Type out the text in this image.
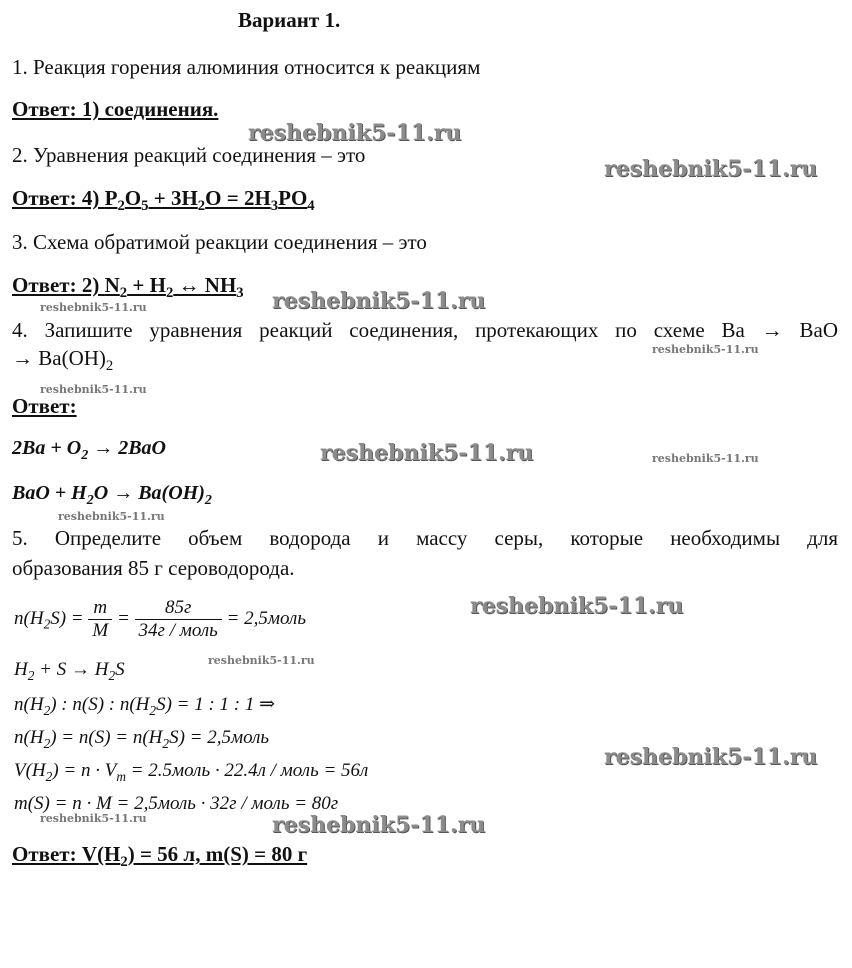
Вариант 1.
1. Реакция горения алюминия относится к реакциям
Ответ: 1) соединения.
2. Уравнения реакций соединения – это
Ответ: 4) $P_2O_5 + 3H_2O = 2H_3PO_4$
3. Схема обратимой реакции соединения – это
Ответ: 2) $N_2 + H_2$ ↔ $NH_3$
4. Запишите уравнения реакций соединения, протекающих по схеме Ba → BaO
→ $Ba(OH)_2$
Ответ:
$2Ba + O_2 \to 2BaO$
BaO + $H_2O \to Ba(OH)_2$
5. Определите объем водорода и массу серы, которые необходимы для
образования 85 г сероводорода.
$n(H_2S) = \frac{m}{M} = \frac{85г}{\text{34г / моль}}$ = 2,5моль
$H_2 + S \to H_2S$
$n(H_2)$ : n(S) : $n(H_2S) = 1$ : 1 : 1 ⇒
$n(H_2) = n(S) = n(H_2S)$ = 2,5моль
$V(H_2) = n \cdot V_m$ = 2.5моль · 22.4л / моль = 56л
m(S) = n · M = 2,5моль · 32г / моль = 80г
Ответ: $V(H_2) = 56$ л, m(S) = 80 г
reshebnik5-11.ru
reshebnik5-11.ru
reshebnik5-11.ru
reshebnik5-11.ru
reshebnik5-11.ru
reshebnik5-11.ru
reshebnik5-11.ru
reshebnik5-11.ru
reshebnik5-11.ru
reshebnik5-11.ru
reshebnik5-11.ru
reshebnik5-11.ru
reshebnik5-11.ru
reshebnik5-11.ru
